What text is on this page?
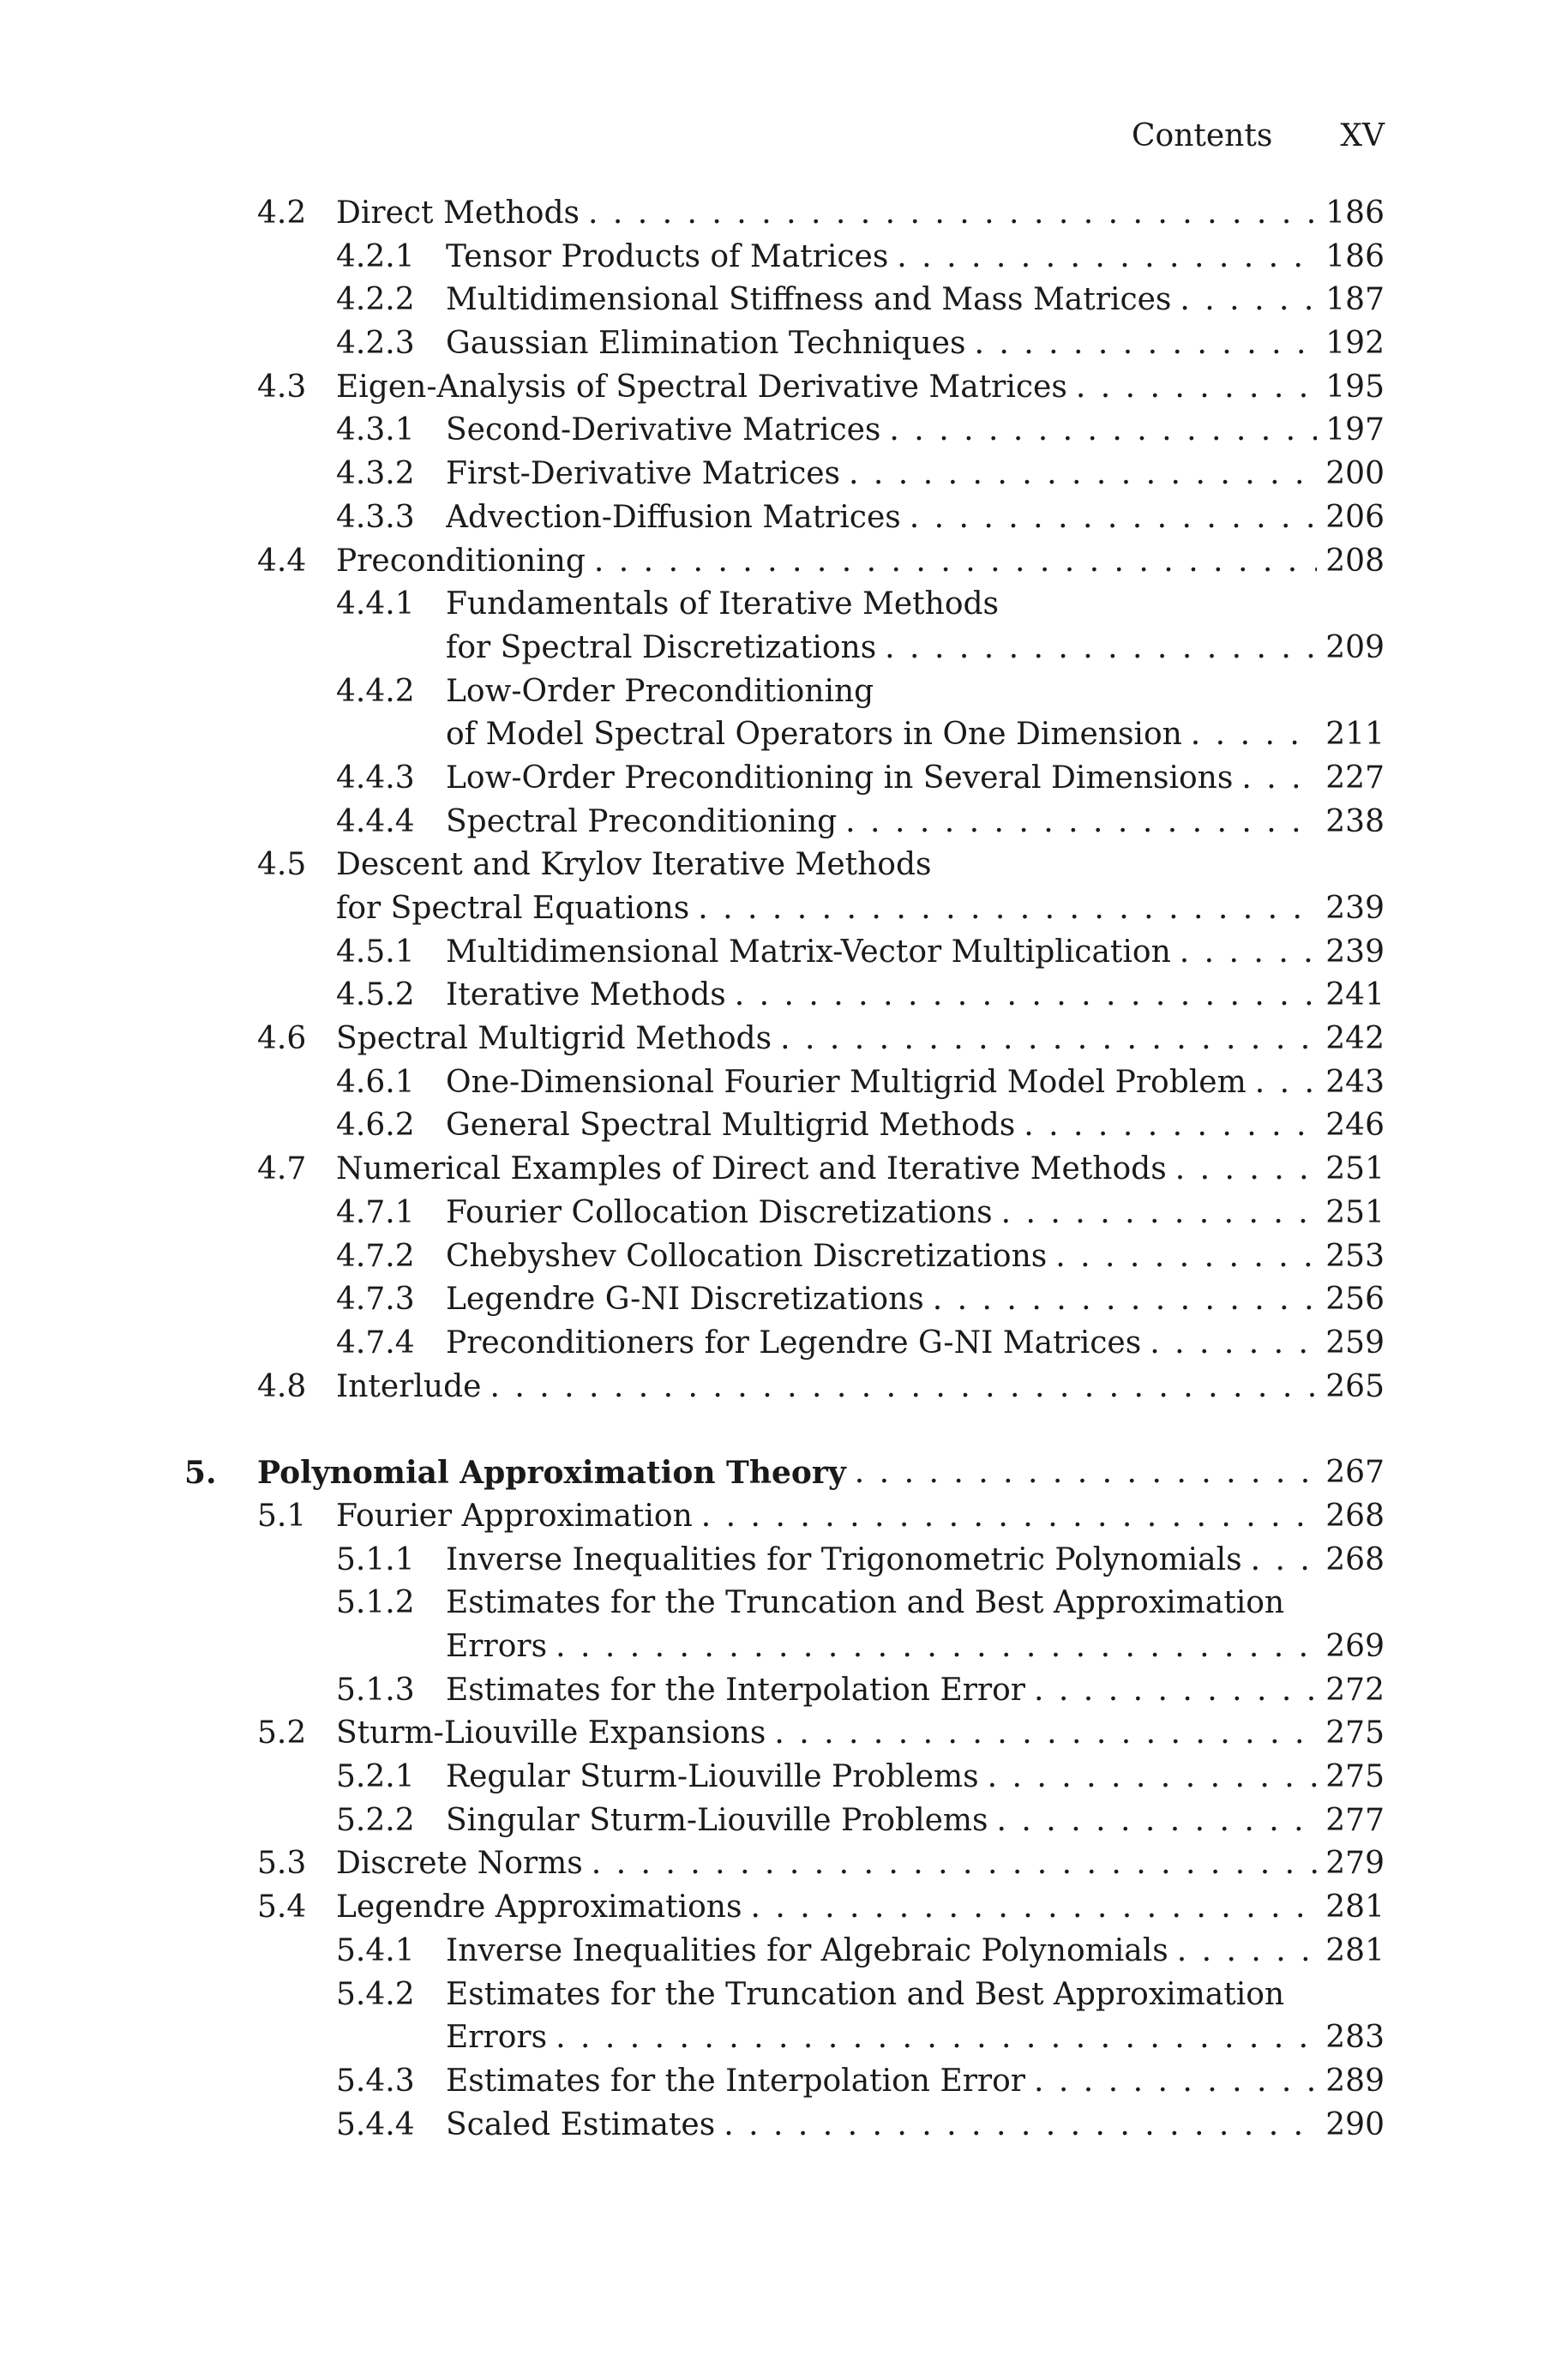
Contents XV
4.2 Direct Methods . . .	186
4.2.1 Tensor Products of Matrices . . .	186
4.2.2 Multidimensional Stiffness and Mass Matrices . . .	187
4.2.3 Gaussian Elimination Techniques . . .	192
4.3 Eigen-Analysis of Spectral Derivative Matrices . . .	195
4.3.1 Second-Derivative Matrices . . .	197
4.3.2 First-Derivative Matrices . . .	200
4.3.3 Advection-Diffusion Matrices . . .	206
4.4 Preconditioning . . .	208
4.4.1 Fundamentals of Iterative Methods
for Spectral Discretizations . . .	209
4.4.2 Low-Order Preconditioning
of Model Spectral Operators in One Dimension . . .	211
4.4.3 Low-Order Preconditioning in Several Dimensions . . .	227
4.4.4 Spectral Preconditioning . . .	238
4.5 Descent and Krylov Iterative Methods
for Spectral Equations . . .	239
4.5.1 Multidimensional Matrix-Vector Multiplication . . .	239
4.5.2 Iterative Methods . . .	241
4.6 Spectral Multigrid Methods . . .	242
4.6.1 One-Dimensional Fourier Multigrid Model Problem . . .	243
4.6.2 General Spectral Multigrid Methods . . .	246
4.7 Numerical Examples of Direct and Iterative Methods . . .	251
4.7.1 Fourier Collocation Discretizations . . .	251
4.7.2 Chebyshev Collocation Discretizations . . .	253
4.7.3 Legendre G-NI Discretizations . . .	256
4.7.4 Preconditioners for Legendre G-NI Matrices . . .	259
4.8 Interlude . . .	265
5. Polynomial Approximation Theory . . .	267
5.1 Fourier Approximation . . .	268
5.1.1 Inverse Inequalities for Trigonometric Polynomials . . .	268
5.1.2 Estimates for the Truncation and Best Approximation
Errors . . .	269
5.1.3 Estimates for the Interpolation Error . . .	272
5.2 Sturm-Liouville Expansions . . .	275
5.2.1 Regular Sturm-Liouville Problems . . .	275
5.2.2 Singular Sturm-Liouville Problems . . .	277
5.3 Discrete Norms . . .	279
5.4 Legendre Approximations . . .	281
5.4.1 Inverse Inequalities for Algebraic Polynomials . . .	281
5.4.2 Estimates for the Truncation and Best Approximation
Errors . . .	283
5.4.3 Estimates for the Interpolation Error . . .	289
5.4.4 Scaled Estimates . . .	290
